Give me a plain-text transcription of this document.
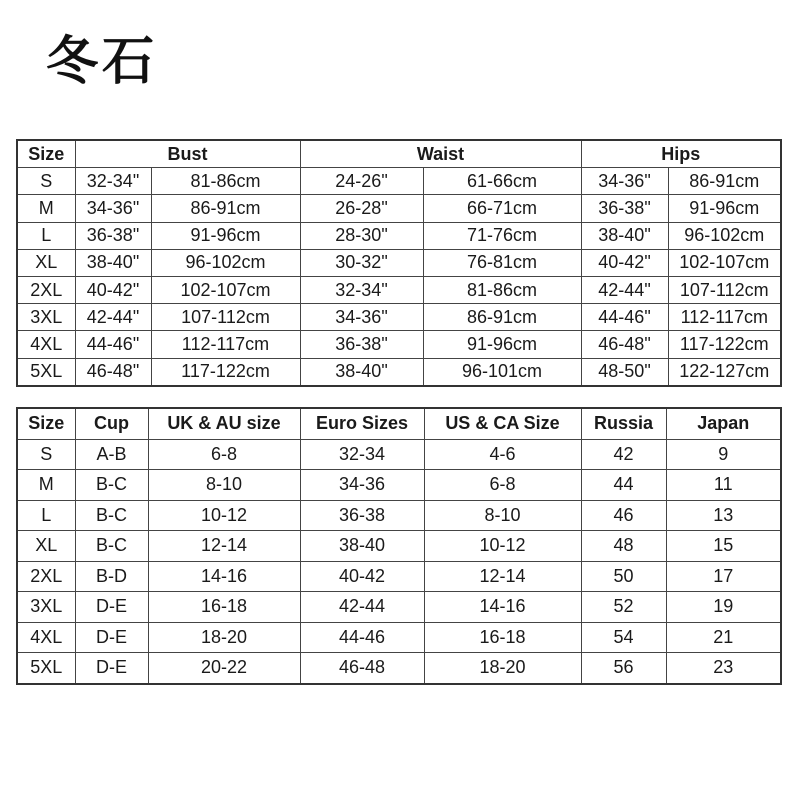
冬石
Size	Bust		Waist		Hips	
S	32-34"	81-86cm	24-26"	61-66cm	34-36"	86-91cm
M	34-36"	86-91cm	26-28"	66-71cm	36-38"	91-96cm
L	36-38"	91-96cm	28-30"	71-76cm	38-40"	96-102cm
XL	38-40"	96-102cm	30-32"	76-81cm	40-42"	102-107cm
2XL	40-42"	102-107cm	32-34"	81-86cm	42-44"	107-112cm
3XL	42-44"	107-112cm	34-36"	86-91cm	44-46"	112-117cm
4XL	44-46"	112-117cm	36-38"	91-96cm	46-48"	117-122cm
5XL	46-48"	117-122cm	38-40"	96-101cm	48-50"	122-127cm
Size	Cup	UK & AU size	Euro Sizes	US & CA Size	Russia	Japan
S	A-B	6-8	32-34	4-6	42	9
M	B-C	8-10	34-36	6-8	44	11
L	B-C	10-12	36-38	8-10	46	13
XL	B-C	12-14	38-40	10-12	48	15
2XL	B-D	14-16	40-42	12-14	50	17
3XL	D-E	16-18	42-44	14-16	52	19
4XL	D-E	18-20	44-46	16-18	54	21
5XL	D-E	20-22	46-48	18-20	56	23
